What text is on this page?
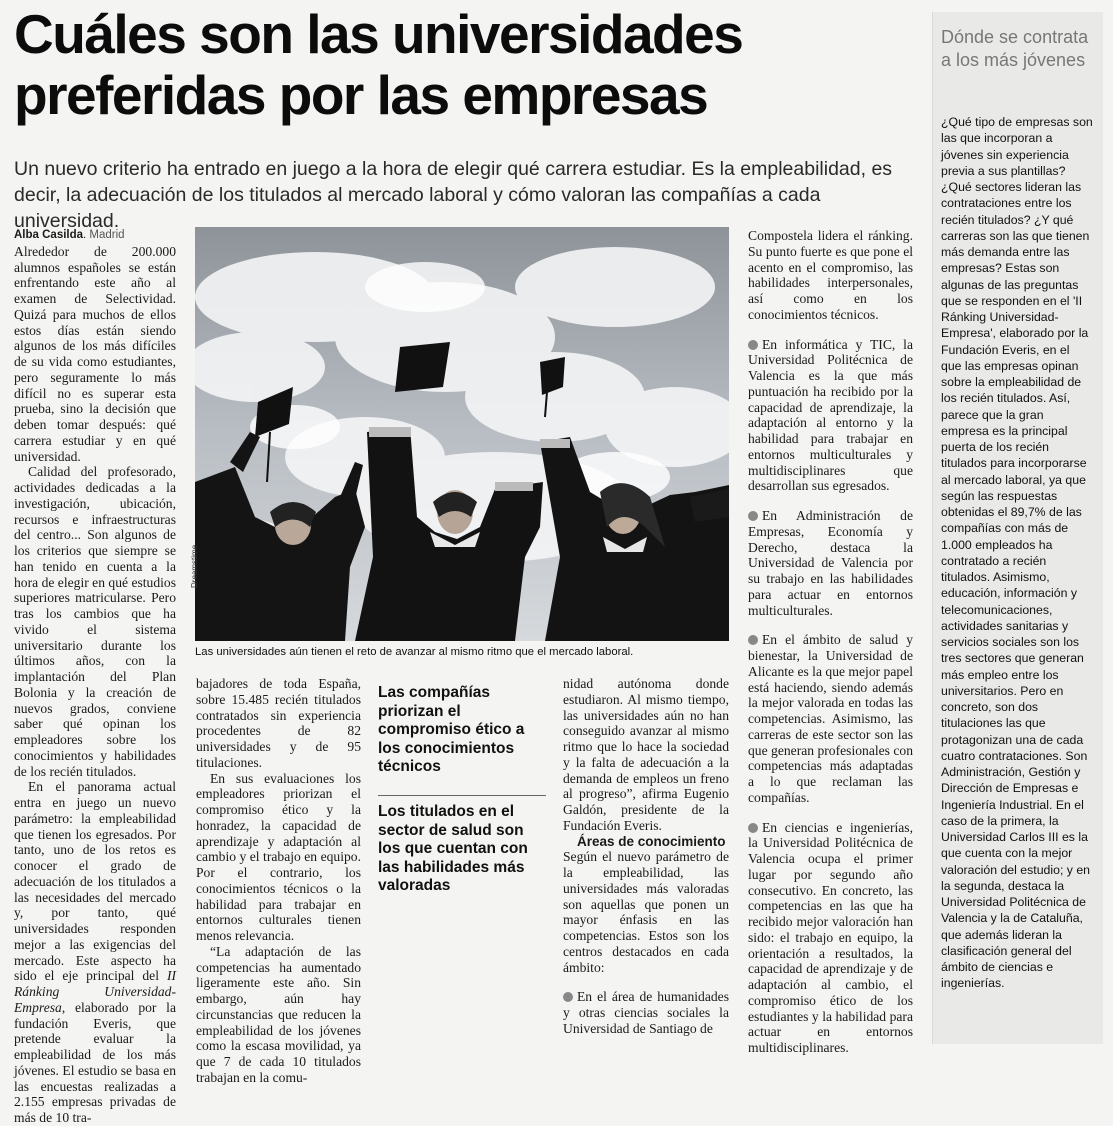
Cuáles son las universidades
preferidas por las empresas

Un nuevo criterio ha entrado en juego a la hora de elegir qué carrera estudiar. Es la empleabilidad, es decir, la adecuación de los titulados al mercado laboral y cómo valoran las compañías a cada universidad.

Alba Casilda. Madrid

Alrededor de 200.000 alumnos españoles se están enfrentando este año al examen de Selectividad. Quizá para muchos de ellos estos días están siendo algunos de los más difíciles de su vida como estudiantes, pero seguramente lo más difícil no es superar esta prueba, sino la decisión que deben tomar después: qué carrera estudiar y en qué universidad.

Calidad del profesorado, actividades dedicadas a la investigación, ubicación, recursos e infraestructuras del centro... Son algunos de los criterios que siempre se han tenido en cuenta a la hora de elegir en qué estudios superiores matricularse. Pero tras los cambios que ha vivido el sistema universitario durante los últimos años, con la implantación del Plan Bolonia y la creación de nuevos grados, conviene saber qué opinan los empleadores sobre los conocimientos y habilidades de los recién titulados.

En el panorama actual entra en juego un nuevo parámetro: la empleabilidad que tienen los egresados. Por tanto, uno de los retos es conocer el grado de adecuación de los titulados a las necesidades del mercado y, por tanto, qué universidades responden mejor a las exigencias del mercado. Este aspecto ha sido el eje principal del II Ránking Universidad-Empresa, elaborado por la fundación Everis, que pretende evaluar la empleabilidad de los más jóvenes. El estudio se basa en las encuestas realizadas a 2.155 empresas privadas de más de 10 tra-

Dreamstime
Las universidades aún tienen el reto de avanzar al mismo ritmo que el mercado laboral.

bajadores de toda España, sobre 15.485 recién titulados contratados sin experiencia procedentes de 82 universidades y de 95 titulaciones.

En sus evaluaciones los empleadores priorizan el compromiso ético y la honradez, la capacidad de aprendizaje y adaptación al cambio y el trabajo en equipo. Por el contrario, los conocimientos técnicos o la habilidad para trabajar en entornos culturales tienen menos relevancia.

“La adaptación de las competencias ha aumentado ligeramente este año. Sin embargo, aún hay circunstancias que reducen la empleabilidad de los jóvenes como la escasa movilidad, ya que 7 de cada 10 titulados trabajan en la comu-

Las compañías priorizan el compromiso ético a los conocimientos técnicos
Los titulados en el sector de salud son los que cuentan con las habilidades más valoradas

nidad autónoma donde estudiaron. Al mismo tiempo, las universidades aún no han conseguido avanzar al mismo ritmo que lo hace la sociedad y la falta de adecuación a la demanda de empleos un freno al progreso”, afirma Eugenio Galdón, presidente de la Fundación Everis.

Áreas de conocimiento

Según el nuevo parámetro de la empleabilidad, las universidades más valoradas son aquellas que ponen un mayor énfasis en las competencias. Estos son los centros destacados en cada ámbito:

En el área de humanidades y otras ciencias sociales la Universidad de Santiago de

Compostela lidera el ránking. Su punto fuerte es que pone el acento en el compromiso, las habilidades interpersonales, así como en los conocimientos técnicos.

En informática y TIC, la Universidad Politécnica de Valencia es la que más puntuación ha recibido por la capacidad de aprendizaje, la adaptación al entorno y la habilidad para trabajar en entornos multiculturales y multidisciplinares que desarrollan sus egresados.

En Administración de Empresas, Economía y Derecho, destaca la Universidad de Valencia por su trabajo en las habilidades para actuar en entornos multiculturales.

En el ámbito de salud y bienestar, la Universidad de Alicante es la que mejor papel está haciendo, siendo además la mejor valorada en todas las competencias. Asimismo, las carreras de este sector son las que generan profesionales con competencias más adaptadas a lo que reclaman las compañías.

En ciencias e ingenierías, la Universidad Politécnica de Valencia ocupa el primer lugar por segundo año consecutivo. En concreto, las competencias en las que ha recibido mejor valoración han sido: el trabajo en equipo, la orientación a resultados, la capacidad de aprendizaje y de adaptación al cambio, el compromiso ético de los estudiantes y la habilidad para actuar en entornos multidisciplinares.

Dónde se contrata a los más jóvenes

¿Qué tipo de empresas son las que incorporan a jóvenes sin experiencia previa a sus plantillas? ¿Qué sectores lideran las contrataciones entre los recién titulados? ¿Y qué carreras son las que tienen más demanda entre las empresas? Estas son algunas de las preguntas que se responden en el 'II Ránking Universidad-Empresa', elaborado por la Fundación Everis, en el que las empresas opinan sobre la empleabilidad de los recién titulados. Así, parece que la gran empresa es la principal puerta de los recién titulados para incorporarse al mercado laboral, ya que según las respuestas obtenidas el 89,7% de las compañías con más de 1.000 empleados ha contratado a recién titulados. Asimismo, educación, información y telecomunicaciones, actividades sanitarias y servicios sociales son los tres sectores que generan más empleo entre los universitarios. Pero en concreto, son dos titulaciones las que protagonizan una de cada cuatro contrataciones. Son Administración, Gestión y Dirección de Empresas e Ingeniería Industrial. En el caso de la primera, la Universidad Carlos III es la que cuenta con la mejor valoración del estudio; y en la segunda, destaca la Universidad Politécnica de Valencia y la de Cataluña, que además lideran la clasificación general del ámbito de ciencias e ingenierías.
